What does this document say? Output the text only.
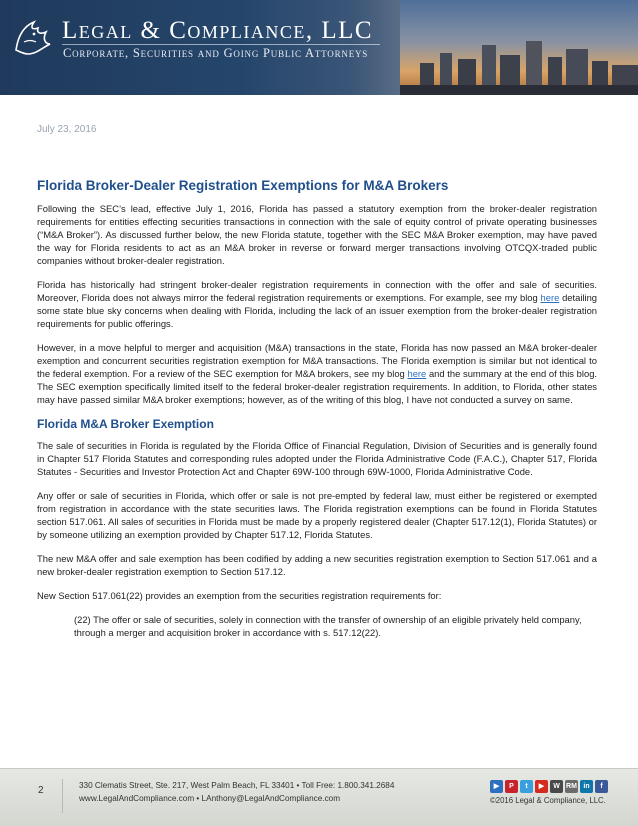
Legal & Compliance, LLC
Corporate, Securities and Going Public Attorneys
July 23, 2016
Florida Broker-Dealer Registration Exemptions for M&A Brokers

Following the SEC’s lead, effective July 1, 2016, Florida has passed a statutory exemption from the broker-dealer registration requirements for entities effecting securities transactions in connection with the sale of equity control of private operating businesses (“M&A Broker”). As discussed further below, the new Florida statute, together with the SEC M&A Broker exemption, may have paved the way for Florida residents to act as an M&A broker in reverse or forward merger transactions involving OTCQX-traded public companies without broker-dealer registration.

Florida has historically had stringent broker-dealer registration requirements in connection with the offer and sale of securities. Moreover, Florida does not always mirror the federal registration requirements or exemptions. For example, see my blog here detailing some state blue sky concerns when dealing with Florida, including the lack of an issuer exemption from the broker-dealer registration requirements for public offerings.

However, in a move helpful to merger and acquisition (M&A) transactions in the state, Florida has now passed an M&A broker-dealer exemption and concurrent securities registration exemption for M&A transactions. The Florida exemption is similar but not identical to the federal exemption. For a review of the SEC exemption for M&A brokers, see my blog here and the summary at the end of this blog. The SEC exemption specifically limited itself to the federal broker-dealer registration requirements. In addition, to Florida, other states may have passed similar M&A broker exemptions; however, as of the writing of this blog, I have not conducted a survey on same.

Florida M&A Broker Exemption

The sale of securities in Florida is regulated by the Florida Office of Financial Regulation, Division of Securities and is generally found in Chapter 517 Florida Statutes and corresponding rules adopted under the Florida Administrative Code (F.A.C.), Chapter 517, Florida Statutes - Securities and Investor Protection Act and Chapter 69W-100 through 69W-1000, Florida Administrative Code.

Any offer or sale of securities in Florida, which offer or sale is not pre-empted by federal law, must either be registered or exempted from registration in accordance with the state securities laws. The Florida registration exemptions can be found in Florida Statutes section 517.061. All sales of securities in Florida must be made by a properly registered dealer (Chapter 517.12(1), Florida Statutes) or by someone utilizing an exemption provided by Chapter 517.12, Florida Statutes.

The new M&A offer and sale exemption has been codified by adding a new securities registration exemption to Section 517.061 and a new broker-dealer registration exemption to Section 517.12.

New Section 517.061(22) provides an exemption from the securities registration requirements for:

(22) The offer or sale of securities, solely in connection with the transfer of ownership of an eligible privately held company, through a merger and acquisition broker in accordance with s. 517.12(22).
2	330 Clematis Street, Ste. 217, West Palm Beach, FL 33401 • Toll Free: 1.800.341.2684
www.LegalAndCompliance.com • LAnthony@LegalAndCompliance.com
▶	P	t	▶	W RM in	f
©2016 Legal & Compliance, LLC.
